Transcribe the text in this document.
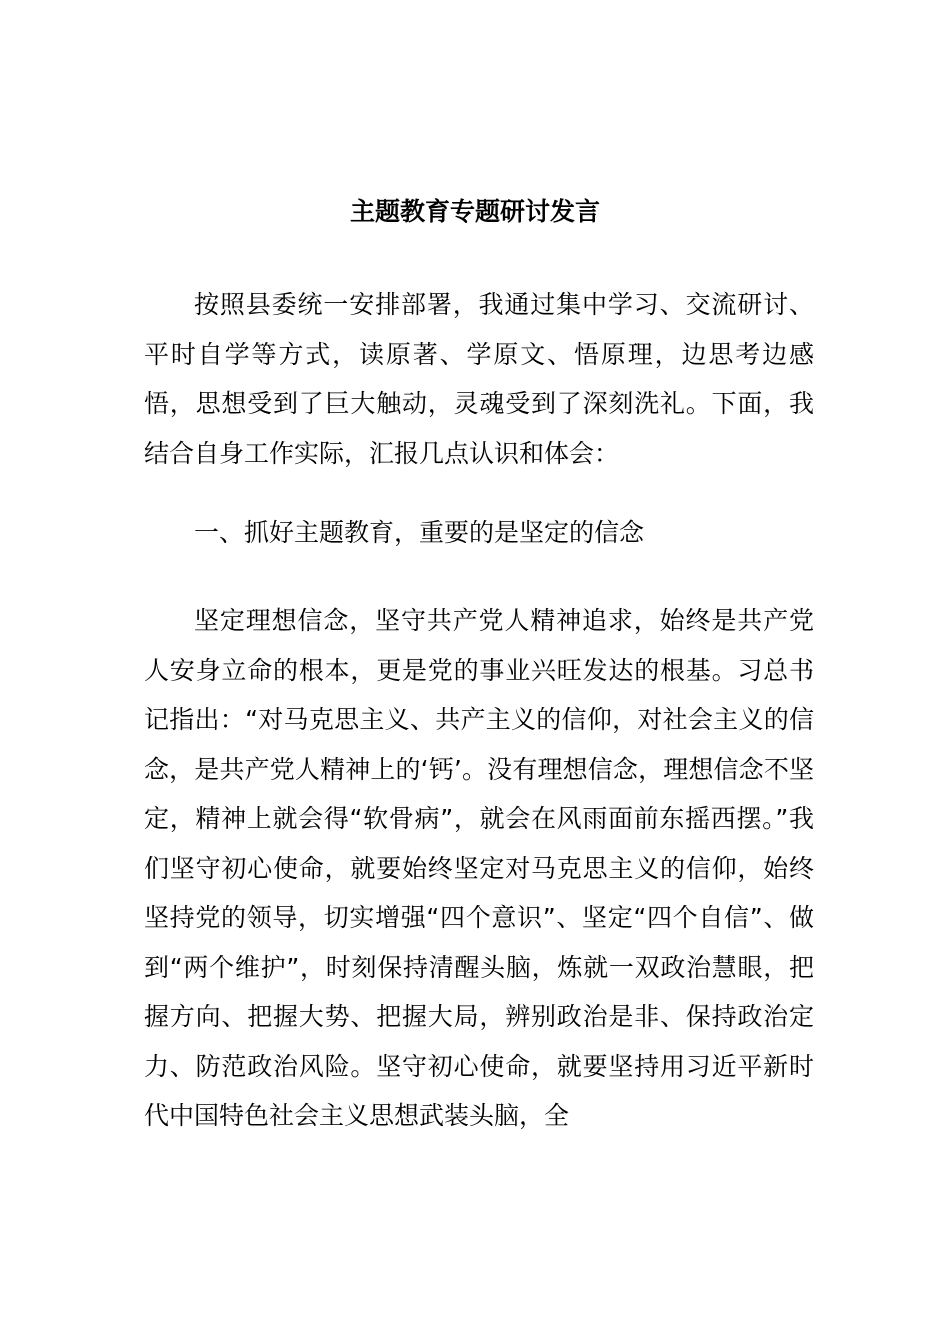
主题教育专题研讨发言

按照县委统一安排部署，我通过集中学习、交流研讨、平时自学等方式，读原著、学原文、悟原理，边思考边感悟，思想受到了巨大触动，灵魂受到了深刻洗礼。下面，我结合自身工作实际，汇报几点认识和体会：

一、抓好主题教育，重要的是坚定的信念

坚定理想信念，坚守共产党人精神追求，始终是共产党人安身立命的根本，更是党的事业兴旺发达的根基。习总书记指出：“对马克思主义、共产主义的信仰，对社会主义的信念，是共产党人精神上的‘钙’。没有理想信念，理想信念不坚定，精神上就会得“软骨病”，就会在风雨面前东摇西摆。”我们坚守初心使命，就要始终坚定对马克思主义的信仰，始终坚持党的领导，切实增强“四个意识”、坚定“四个自信”、做到“两个维护”，时刻保持清醒头脑，炼就一双政治慧眼，把握方向、把握大势、把握大局，辨别政治是非、保持政治定力、防范政治风险。坚守初心使命，就要坚持用习近平新时代中国特色社会主义思想武装头脑，全
